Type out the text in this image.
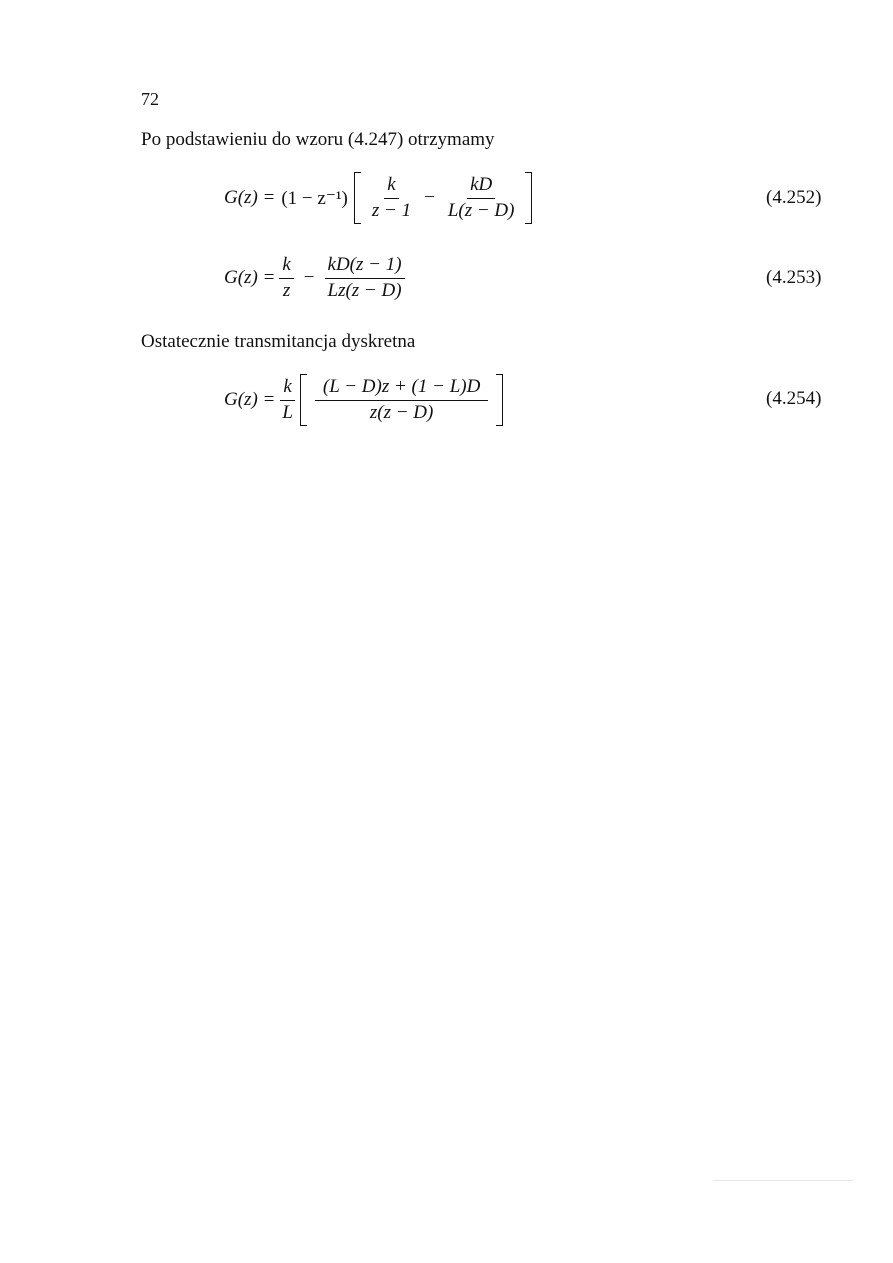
72
Po podstawieniu do wzoru (4.247) otrzymamy
$G(z) = (1 - z^{-1}) \frac{k}{z - 1} - \frac{kD}{L(z - D)}$	(4.252)
$G(z) = \frac{k}{z} - \frac{kD(z - 1)}{Lz(z - D)}$	(4.253)
Ostatecznie transmitancja dyskretna
$G(z) = \frac{k}{L} \frac{(L - D)z + (1 - L)D}{z(z - D)}$	(4.254)
